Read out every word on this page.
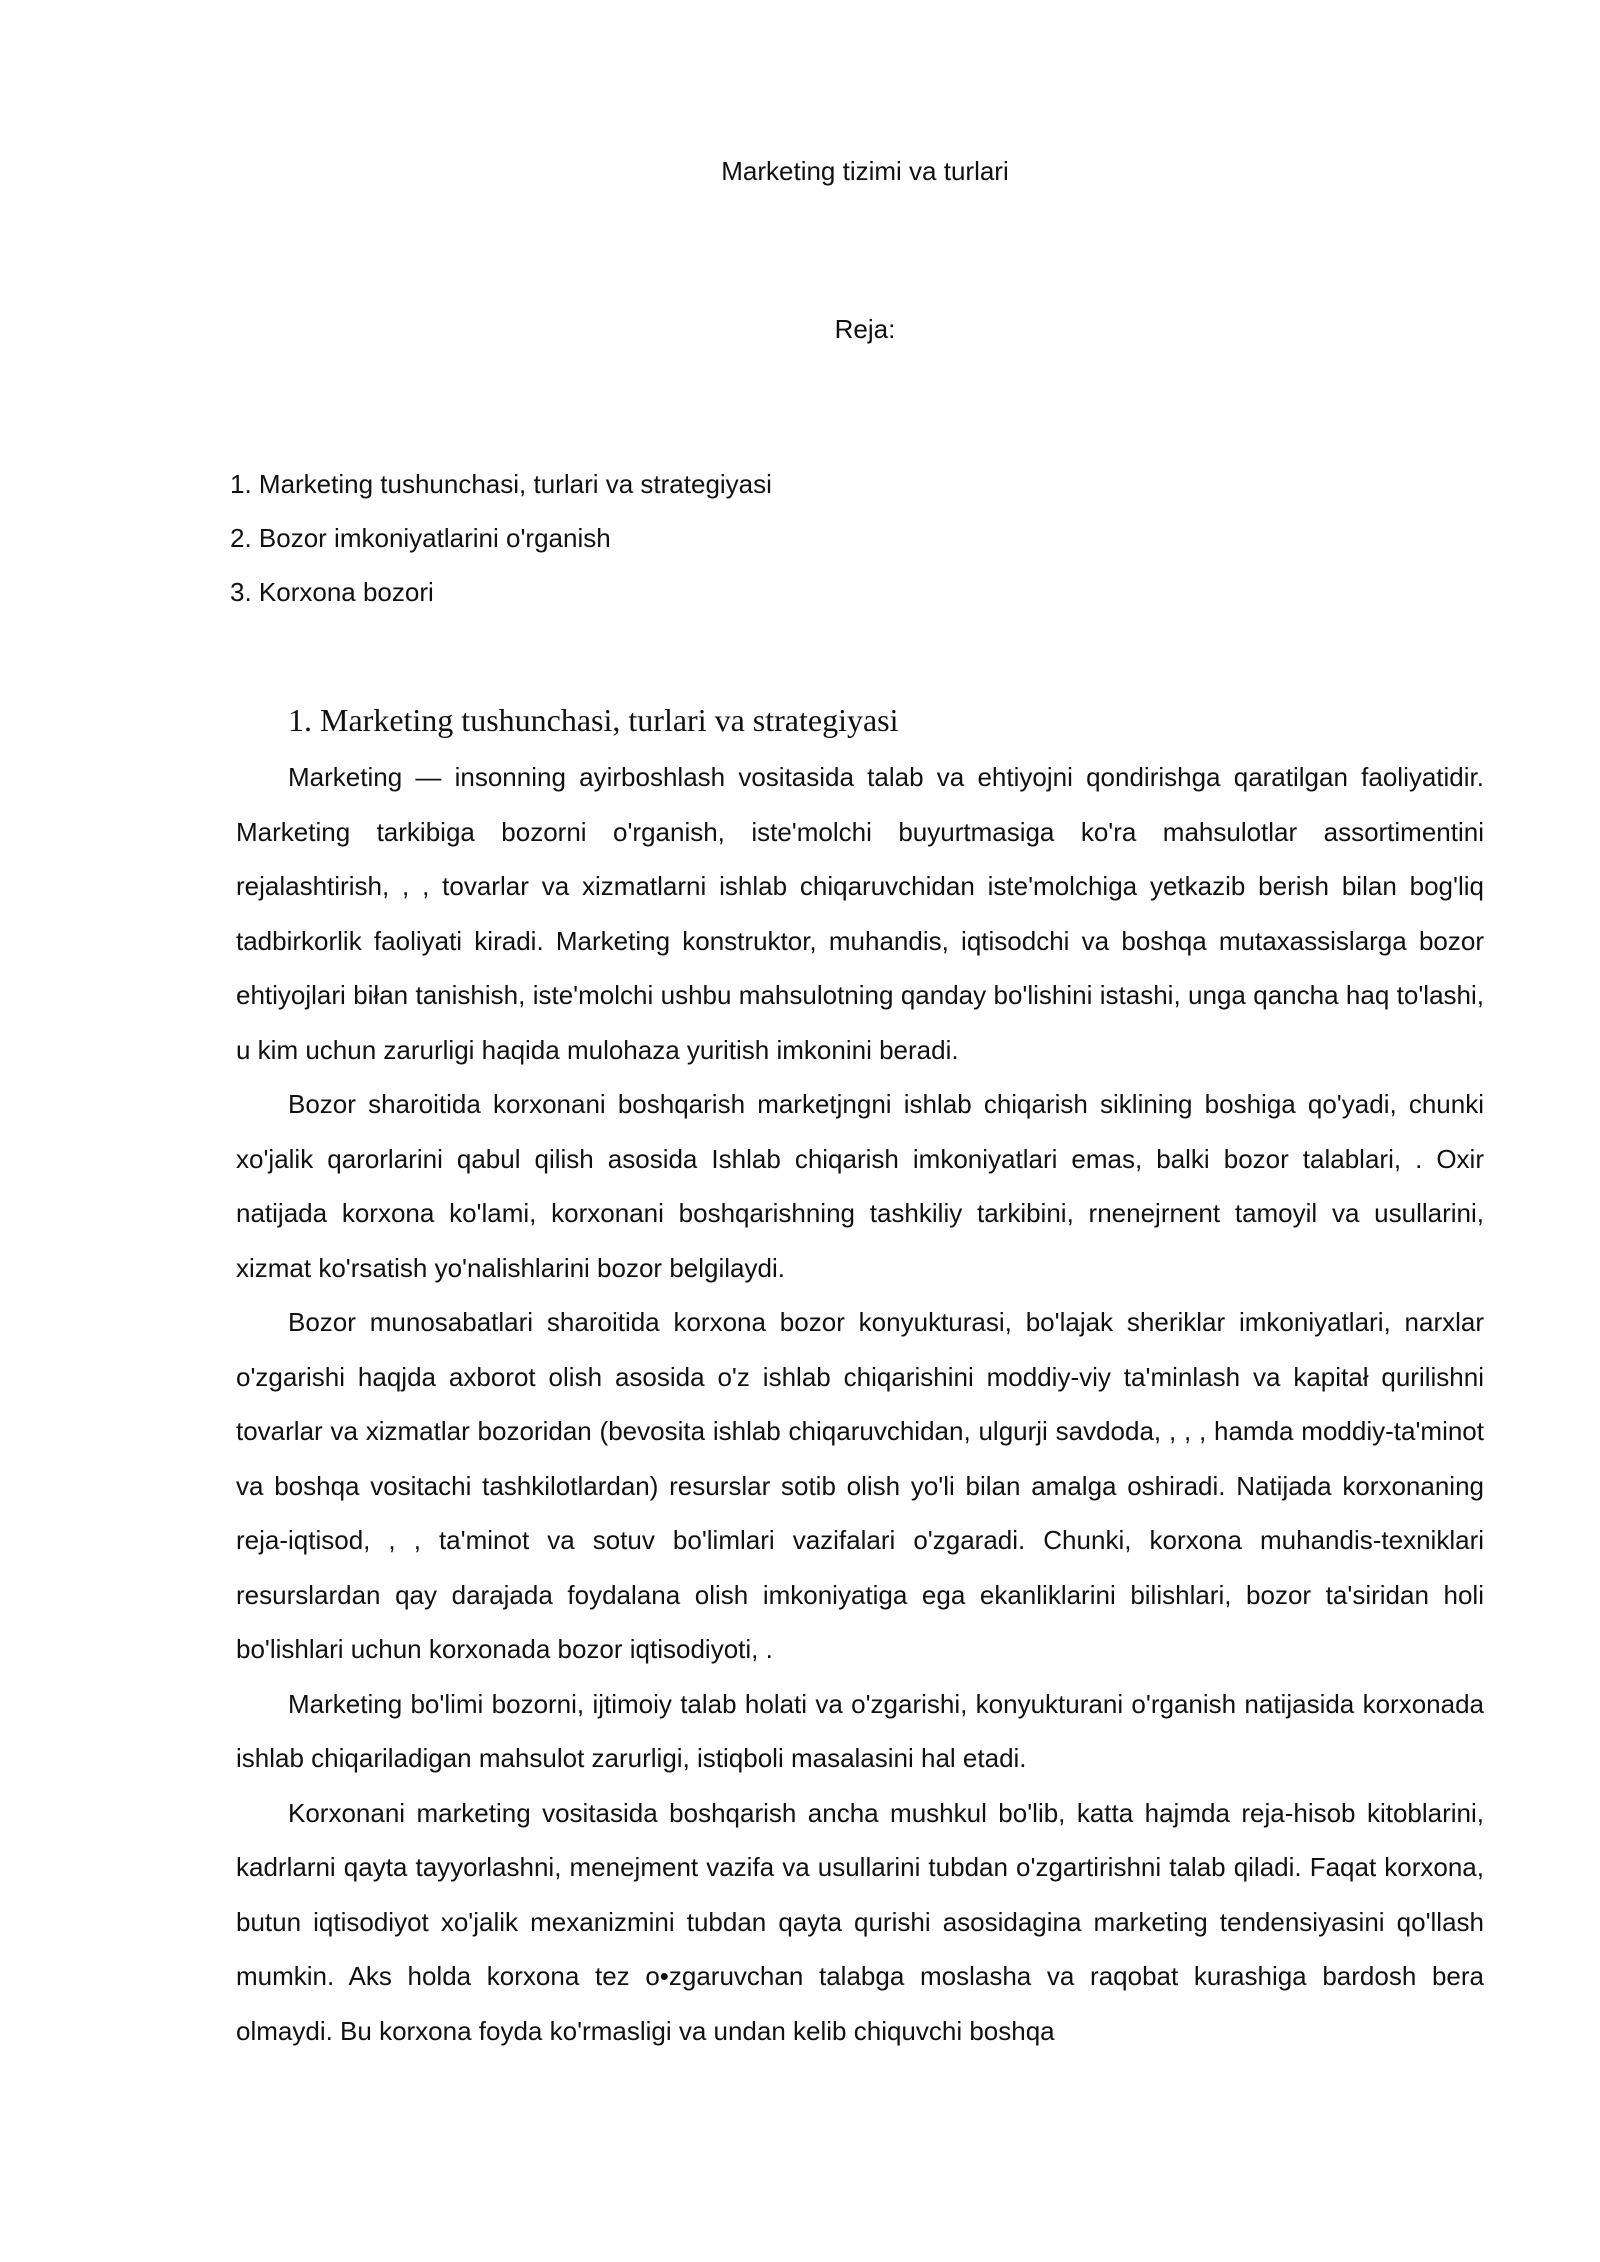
Marketing tizimi va turlari
Reja:
1. Marketing tushunchasi, turlari va strategiyasi
2. Bozor imkoniyatlarini o'rganish
3. Korxona bozori
1. Marketing tushunchasi, turlari va strategiyasi

Marketing — insonning ayirboshlash vositasida talab va ehtiyojni qondirishga qaratilgan faoliyatidir. Marketing tarkibiga bozorni o'rganish, iste'molchi buyurtmasiga ko'ra mahsulotlar assortimentini rejalashtirish, , , tovarlar va xizmatlarni ishlab chiqaruvchidan iste'molchiga yetkazib berish bilan bog'liq tadbirkorlik faoliyati kiradi. Marketing konstruktor, muhandis, iqtisodchi va boshqa mutaxassislarga bozor ehtiyojlari biłan tanishish, iste'molchi ushbu mahsulotning qanday bo'lishini istashi, unga qancha haq to'lashi, u kim uchun zarurligi haqida mulohaza yuritish imkonini beradi.

Bozor sharoitida korxonani boshqarish marketjngni ishlab chiqarish siklining boshiga qo'yadi, chunki xo'jalik qarorlarini qabul qilish asosida Ishlab chiqarish imkoniyatlari emas, balki bozor talablari, . Oxir natijada korxona ko'lami, korxonani boshqarishning tashkiliy tarkibini, rnenejrnent tamoyil va usullarini, xizmat ko'rsatish yo'nalishlarini bozor belgilaydi.

Bozor munosabatlari sharoitida korxona bozor konyukturasi, bo'lajak sheriklar imkoniyatlari, narxlar o'zgarishi haqjda axborot olish asosida o'z ishlab chiqarishini moddiy-viy ta'minlash va kapitał qurilishni tovarlar va xizmatlar bozoridan (bevosita ishlab chiqaruvchidan, ulgurji savdoda, , , , hamda moddiy-ta'minot va boshqa vositachi tashkilotlardan) resurslar sotib olish yo'li bilan amalga oshiradi. Natijada korxonaning reja-iqtisod, , , ta'minot va sotuv bo'limlari vazifalari o'zgaradi. Chunki, korxona muhandis-texniklari resurslardan qay darajada foydalana olish imkoniyatiga ega ekanliklarini bilishlari, bozor ta'siridan holi bo'lishlari uchun korxonada bozor iqtisodiyoti, .

Marketing bo'limi bozorni, ijtimoiy talab holati va o'zgarishi, konyukturani o'rganish natijasida korxonada ishlab chiqariladigan mahsulot zarurligi, istiqboli masalasini hal etadi.

Korxonani marketing vositasida boshqarish ancha mushkul bo'lib, katta hajmda reja-hisob kitoblarini, kadrlarni qayta tayyorlashni, menejment vazifa va usullarini tubdan o'zgartirishni talab qiladi. Faqat korxona, butun iqtisodiyot xo'jalik mexanizmini tubdan qayta qurishi asosidagina marketing tendensiyasini qo'llash mumkin. Aks holda korxona tez o•zgaruvchan talabga moslasha va raqobat kurashiga bardosh bera olmaydi. Bu korxona foyda ko'rmasligi va undan kelib chiquvchi boshqa
